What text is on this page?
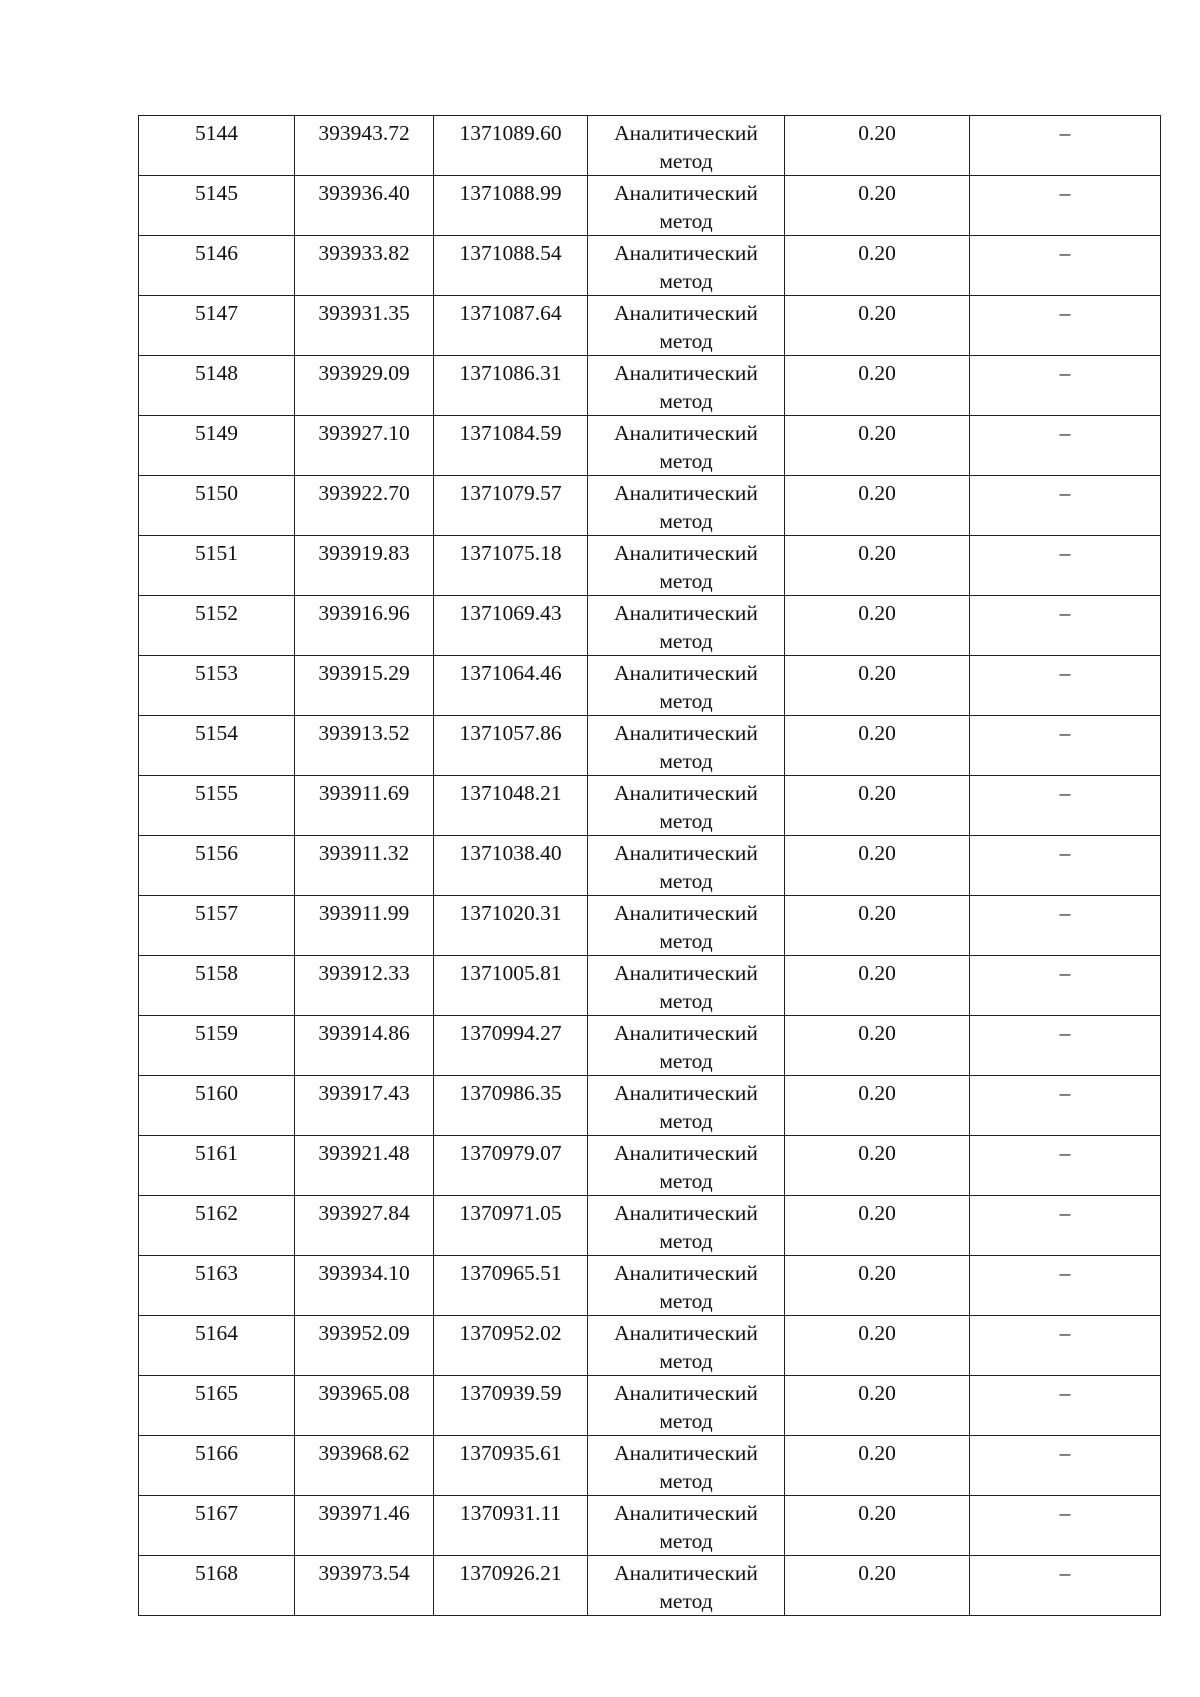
5144	393943.72	1371089.60	Аналитический метод	0.20	–

5145	393936.40	1371088.99	Аналитический метод	0.20	–

5146	393933.82	1371088.54	Аналитический метод	0.20	–

5147	393931.35	1371087.64	Аналитический метод	0.20	–

5148	393929.09	1371086.31	Аналитический метод	0.20	–

5149	393927.10	1371084.59	Аналитический метод	0.20	–

5150	393922.70	1371079.57	Аналитический метод	0.20	–

5151	393919.83	1371075.18	Аналитический метод	0.20	–

5152	393916.96	1371069.43	Аналитический метод	0.20	–

5153	393915.29	1371064.46	Аналитический метод	0.20	–

5154	393913.52	1371057.86	Аналитический метод	0.20	–

5155	393911.69	1371048.21	Аналитический метод	0.20	–

5156	393911.32	1371038.40	Аналитический метод	0.20	–

5157	393911.99	1371020.31	Аналитический метод	0.20	–

5158	393912.33	1371005.81	Аналитический метод	0.20	–

5159	393914.86	1370994.27	Аналитический метод	0.20	–

5160	393917.43	1370986.35	Аналитический метод	0.20	–

5161	393921.48	1370979.07	Аналитический метод	0.20	–

5162	393927.84	1370971.05	Аналитический метод	0.20	–

5163	393934.10	1370965.51	Аналитический метод	0.20	–

5164	393952.09	1370952.02	Аналитический метод	0.20	–

5165	393965.08	1370939.59	Аналитический метод	0.20	–

5166	393968.62	1370935.61	Аналитический метод	0.20	–

5167	393971.46	1370931.11	Аналитический метод	0.20	–

5168	393973.54	1370926.21	Аналитический метод	0.20	–
